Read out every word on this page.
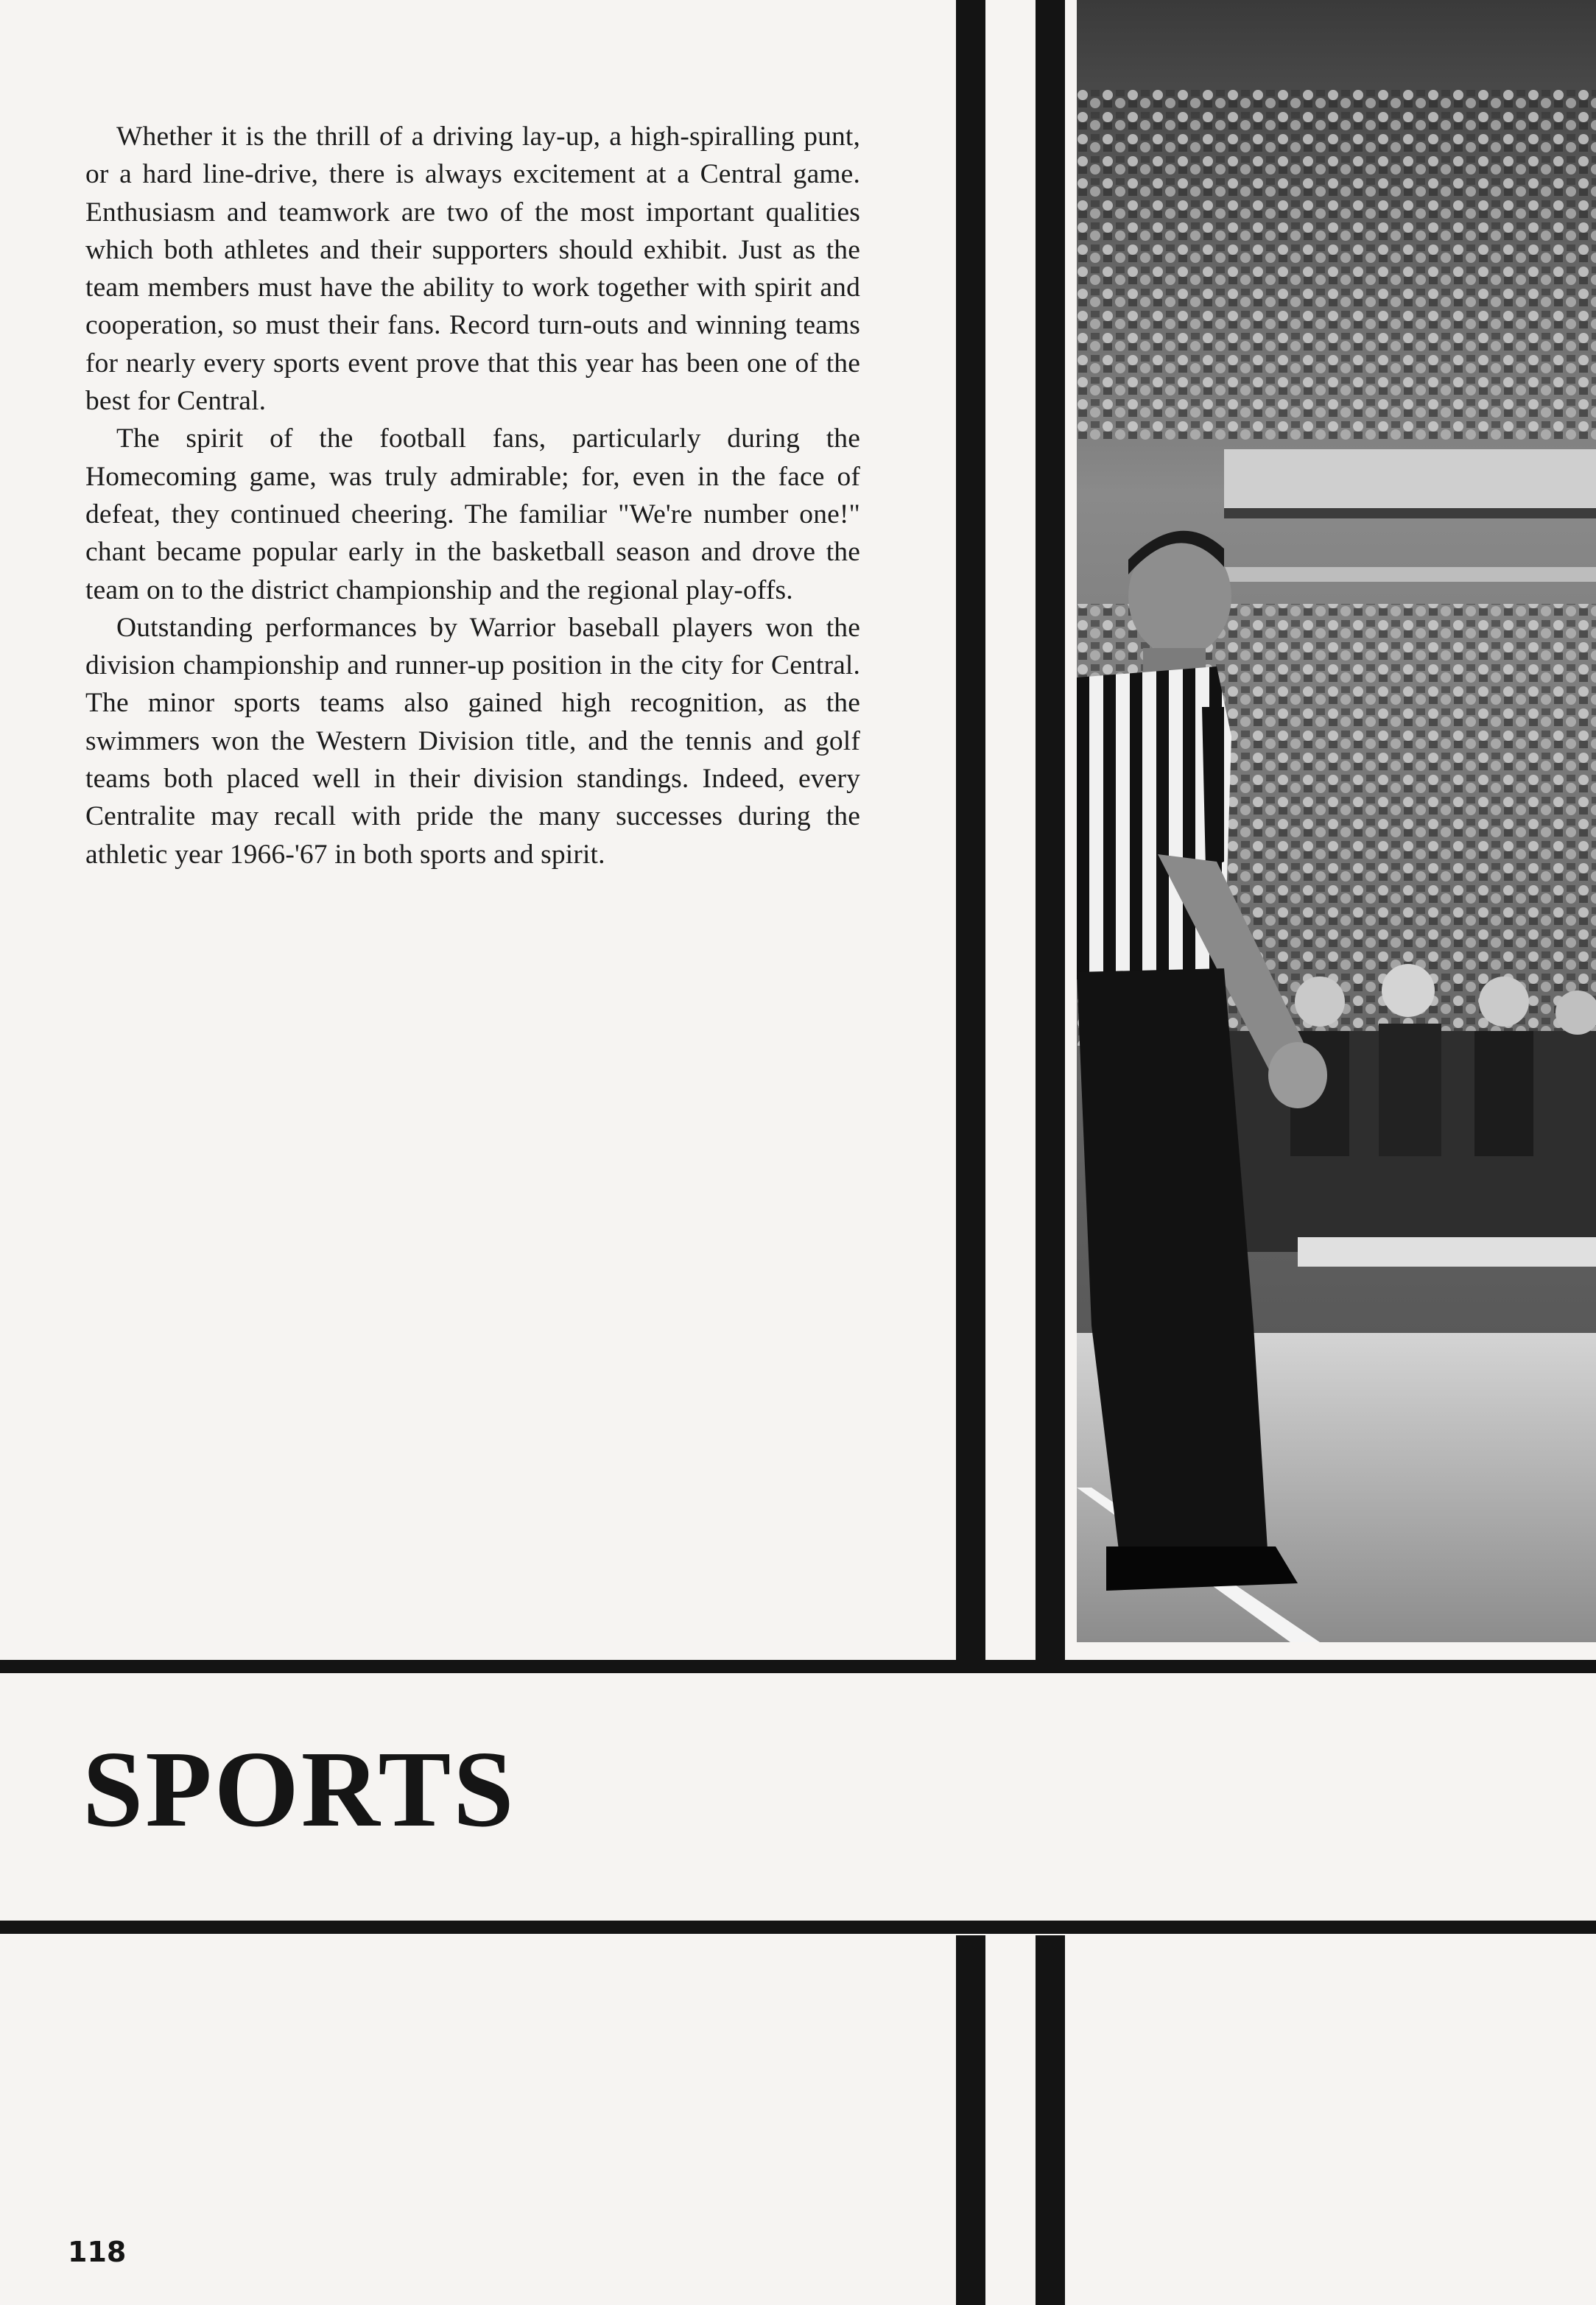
Whether it is the thrill of a driving lay-up, a high-spiralling punt, or a hard line-drive, there is always excitement at a Central game. Enthusiasm and teamwork are two of the most important qualities which both athletes and their supporters should exhibit. Just as the team members must have the ability to work together with spirit and cooperation, so must their fans. Record turn-outs and winning teams for nearly every sports event prove that this year has been one of the best for Central.

The spirit of the football fans, particularly during the Homecoming game, was truly admirable; for, even in the face of defeat, they continued cheering. The familiar "We're number one!" chant became popular early in the basketball season and drove the team on to the district championship and the regional play-offs.

Outstanding performances by Warrior baseball players won the division championship and runner-up position in the city for Central. The minor sports teams also gained high recognition, as the swimmers won the Western Division title, and the tennis and golf teams both placed well in their division standings. Indeed, every Centralite may recall with pride the many successes during the athletic year 1966-'67 in both sports and spirit.

SPORTS
118
